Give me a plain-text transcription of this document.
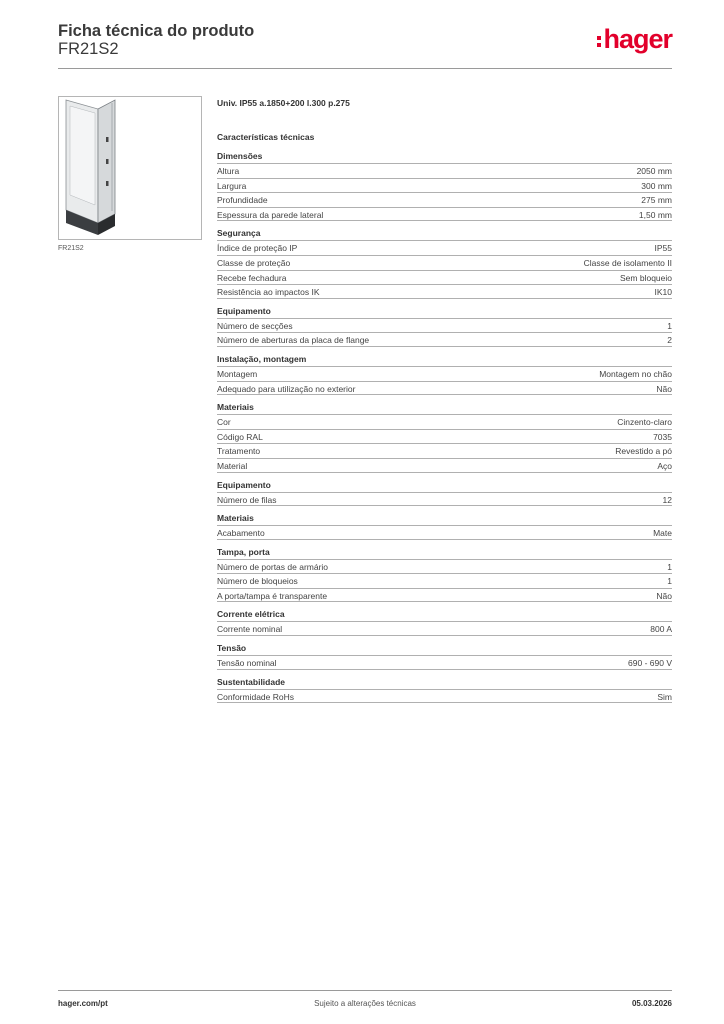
Ficha técnica do produto
FR21S2	hager
FR21S2
Univ. IP55 a.1850+200 l.300 p.275
Características técnicas
Dimensões
Altura	2050 mm
Largura	300 mm
Profundidade	275 mm
Espessura da parede lateral	1,50 mm
Segurança
Índice de proteção IP	IP55
Classe de proteção	Classe de isolamento II
Recebe fechadura	Sem bloqueio
Resistência ao impactos IK	IK10
Equipamento
Número de secções	1
Número de aberturas da placa de flange	2
Instalação, montagem
Montagem	Montagem no chão
Adequado para utilização no exterior	Não
Materiais
Cor	Cinzento-claro
Código RAL	7035
Tratamento	Revestido a pó
Material	Aço
Equipamento
Número de filas	12
Materiais
Acabamento	Mate
Tampa, porta
Número de portas de armário	1
Número de bloqueios	1
A porta/tampa é transparente	Não
Corrente elétrica
Corrente nominal	800 A
Tensão
Tensão nominal	690 - 690 V
Sustentabilidade
Conformidade RoHs	Sim
hager.com/pt	Sujeito a alterações técnicas	05.03.2026
